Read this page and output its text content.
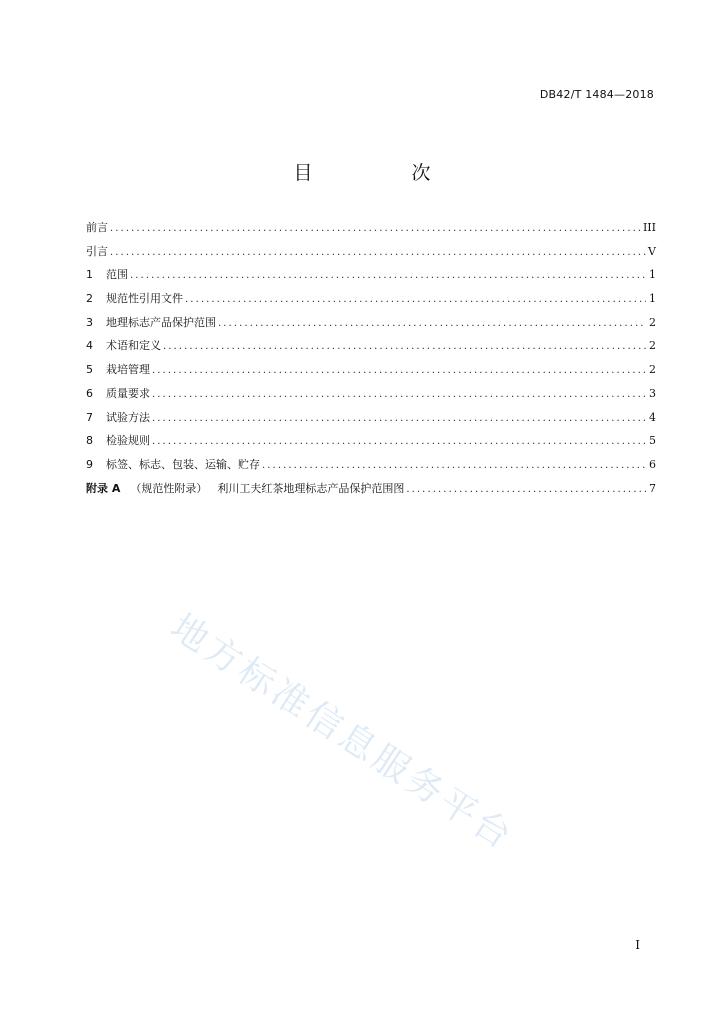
DB42/T 1484—2018
目　次
前言 .....	III
引言 .....	V
1	范围 .....	1
2	规范性引用文件 .....	1
3	地理标志产品保护范围 .....	2
4	术语和定义 .....	2
5	栽培管理 .....	2
6	质量要求 .....	3
7	试验方法 .....	4
8	检验规则 .....	5
9	标签、标志、包装、运输、贮存 .....	6
附录 A （规范性附录） 利川工夫红茶地理标志产品保护范围图 .....	7
地方标准信息服务平台
I
